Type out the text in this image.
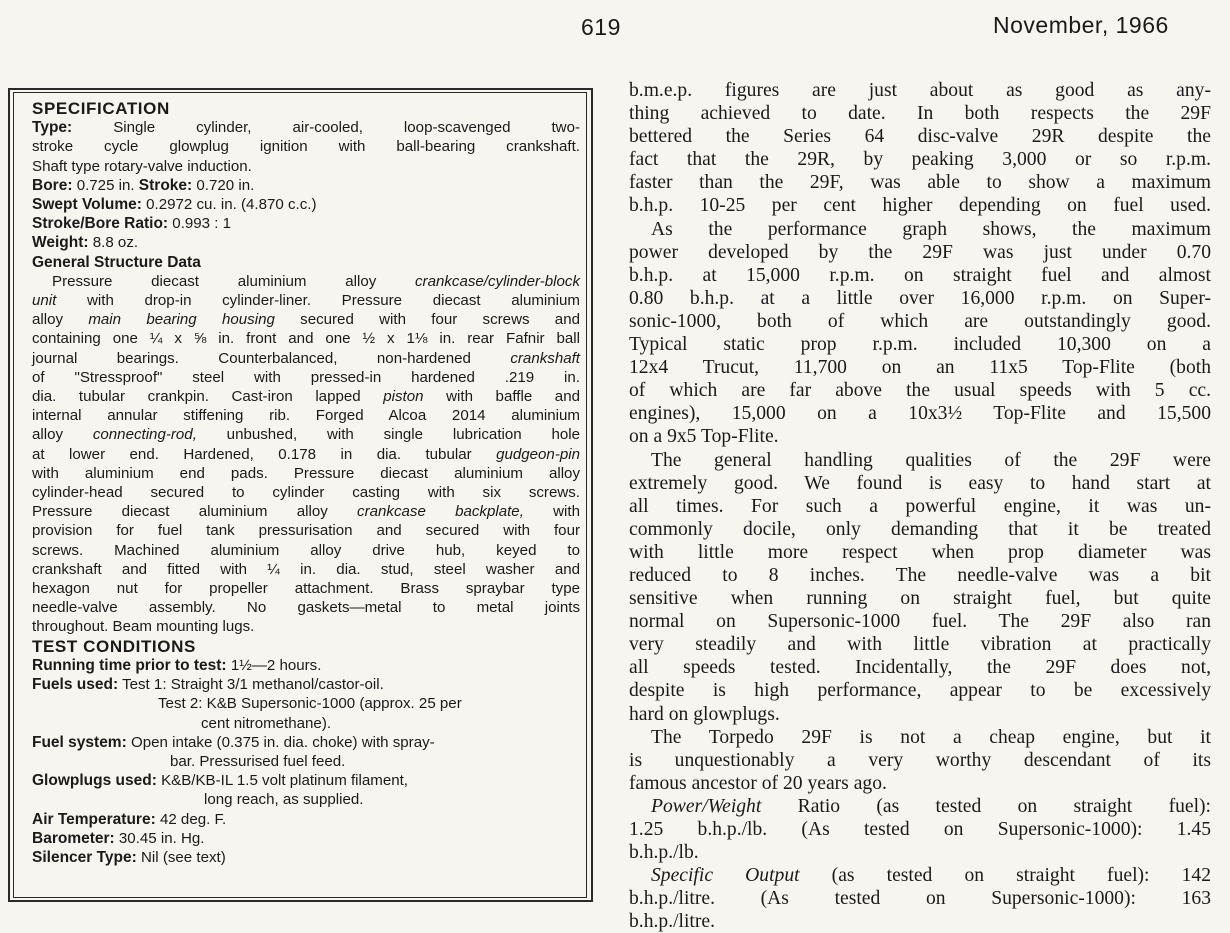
619	November, 1966
SPECIFICATION
Type:	Single cylinder, air-cooled, loop-scavenged two-
stroke cycle glowplug ignition with ball-bearing crankshaft.
Shaft type rotary-valve induction.
Bore: 0.725 in. Stroke: 0.720 in.
Swept Volume: 0.2972 cu. in. (4.870 c.c.)
Stroke/Bore Ratio: 0.993 : 1
Weight: 8.8 oz.
General Structure Data
Pressure diecast aluminium alloy crankcase/cylinder-block
unit with drop-in cylinder-liner. Pressure diecast aluminium
alloy main bearing housing secured with four screws and
containing one ¼ x ⅝ in. front and one ½ x 1⅛ in. rear Fafnir ball
journal bearings. Counterbalanced, non-hardened crankshaft
of "Stressproof" steel with pressed-in hardened .219 in.
dia. tubular crankpin. Cast-iron lapped piston with baffle and
internal annular stiffening rib. Forged Alcoa 2014 aluminium
alloy connecting-rod, unbushed, with single lubrication hole
at lower end. Hardened, 0.178 in dia. tubular gudgeon-pin
with aluminium end pads. Pressure diecast aluminium alloy
cylinder-head secured to cylinder casting with six screws.
Pressure diecast aluminium alloy crankcase backplate, with
provision for fuel tank pressurisation and secured with four
screws. Machined aluminium alloy drive hub, keyed to
crankshaft and fitted with ¼ in. dia. stud, steel washer and
hexagon nut for propeller attachment. Brass spraybar type
needle-valve assembly. No gaskets—metal to metal joints
throughout. Beam mounting lugs.
TEST CONDITIONS
Running time prior to test: 1½—2 hours.
Fuels used: Test 1: Straight 3/1 methanol/castor-oil.
Test 2: K&B Supersonic-1000 (approx. 25 per
cent nitromethane).
Fuel system: Open intake (0.375 in. dia. choke) with spray-
bar. Pressurised fuel feed.
Glowplugs used: K&B/KB-IL 1.5 volt platinum filament,
long reach, as supplied.
Air Temperature: 42 deg. F.
Barometer: 30.45 in. Hg.
Silencer Type: Nil (see text)
b.m.e.p. figures are just about as good as any-
thing achieved to date. In both respects the 29F
bettered the Series 64 disc-valve 29R despite the
fact that the 29R, by peaking 3,000 or so r.p.m.
faster than the 29F, was able to show a maximum
b.h.p. 10-25 per cent higher depending on fuel used.
As the performance graph shows, the maximum
power developed by the 29F was just under 0.70
b.h.p. at 15,000 r.p.m. on straight fuel and almost
0.80 b.h.p. at a little over 16,000 r.p.m. on Super-
sonic-1000, both of which are outstandingly good.
Typical static prop r.p.m. included 10,300 on a
12x4 Trucut, 11,700 on an 11x5 Top-Flite (both
of which are far above the usual speeds with 5 cc.
engines), 15,000 on a 10x3½ Top-Flite and 15,500
on a 9x5 Top-Flite.
The general handling qualities of the 29F were
extremely good. We found is easy to hand start at
all times. For such a powerful engine, it was un-
commonly docile, only demanding that it be treated
with little more respect when prop diameter was
reduced to 8 inches. The needle-valve was a bit
sensitive when running on straight fuel, but quite
normal on Supersonic-1000 fuel. The 29F also ran
very steadily and with little vibration at practically
all speeds tested. Incidentally, the 29F does not,
despite is high performance, appear to be excessively
hard on glowplugs.
The Torpedo 29F is not a cheap engine, but it
is unquestionably a very worthy descendant of its
famous ancestor of 20 years ago.
Power/Weight Ratio (as tested on straight fuel):
1.25 b.h.p./lb. (As tested on Supersonic-1000): 1.45
b.h.p./lb.
Specific Output (as tested on straight fuel): 142
b.h.p./litre. (As tested on Supersonic-1000): 163
b.h.p./litre.
